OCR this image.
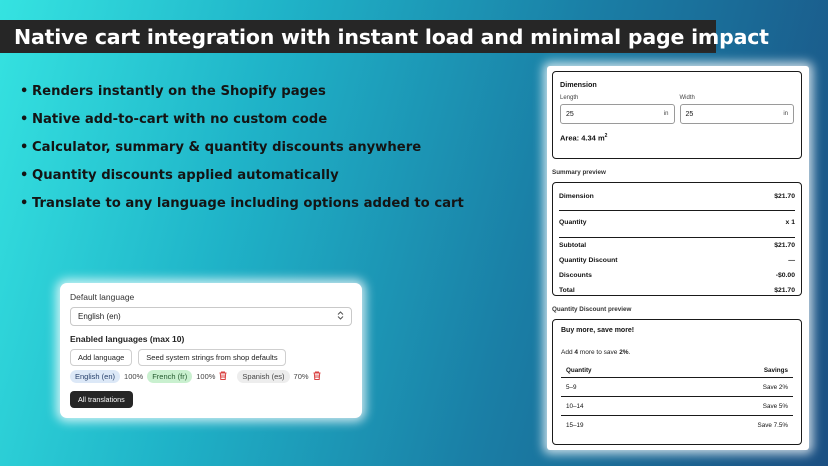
Native cart integration with instant load and minimal page impact
• Renders instantly on the Shopify pages
• Native add-to-cart with no custom code
• Calculator, summary & quantity discounts anywhere
• Quantity discounts applied automatically
• Translate to any language including options added to cart
Default language
English (en)
Enabled languages (max 10)
Add language	Seed system strings from shop defaults
English (en)	100%	French (fr)	100%	Spanish (es)	70%
All translations
Dimension
Length
25	in
Width
25	in
Area: 4.34 $m^2$
Summary preview
Dimension	$21.70
Quantity	x 1
Subtotal	$21.70
Quantity Discount	—
Discounts	-$0.00
Total	$21.70
Quantity Discount preview
Buy more, save more!
Add 4 more to save 2%.
Quantity	Savings
5–9	Save 2%
10–14	Save 5%
15–19	Save 7.5%
